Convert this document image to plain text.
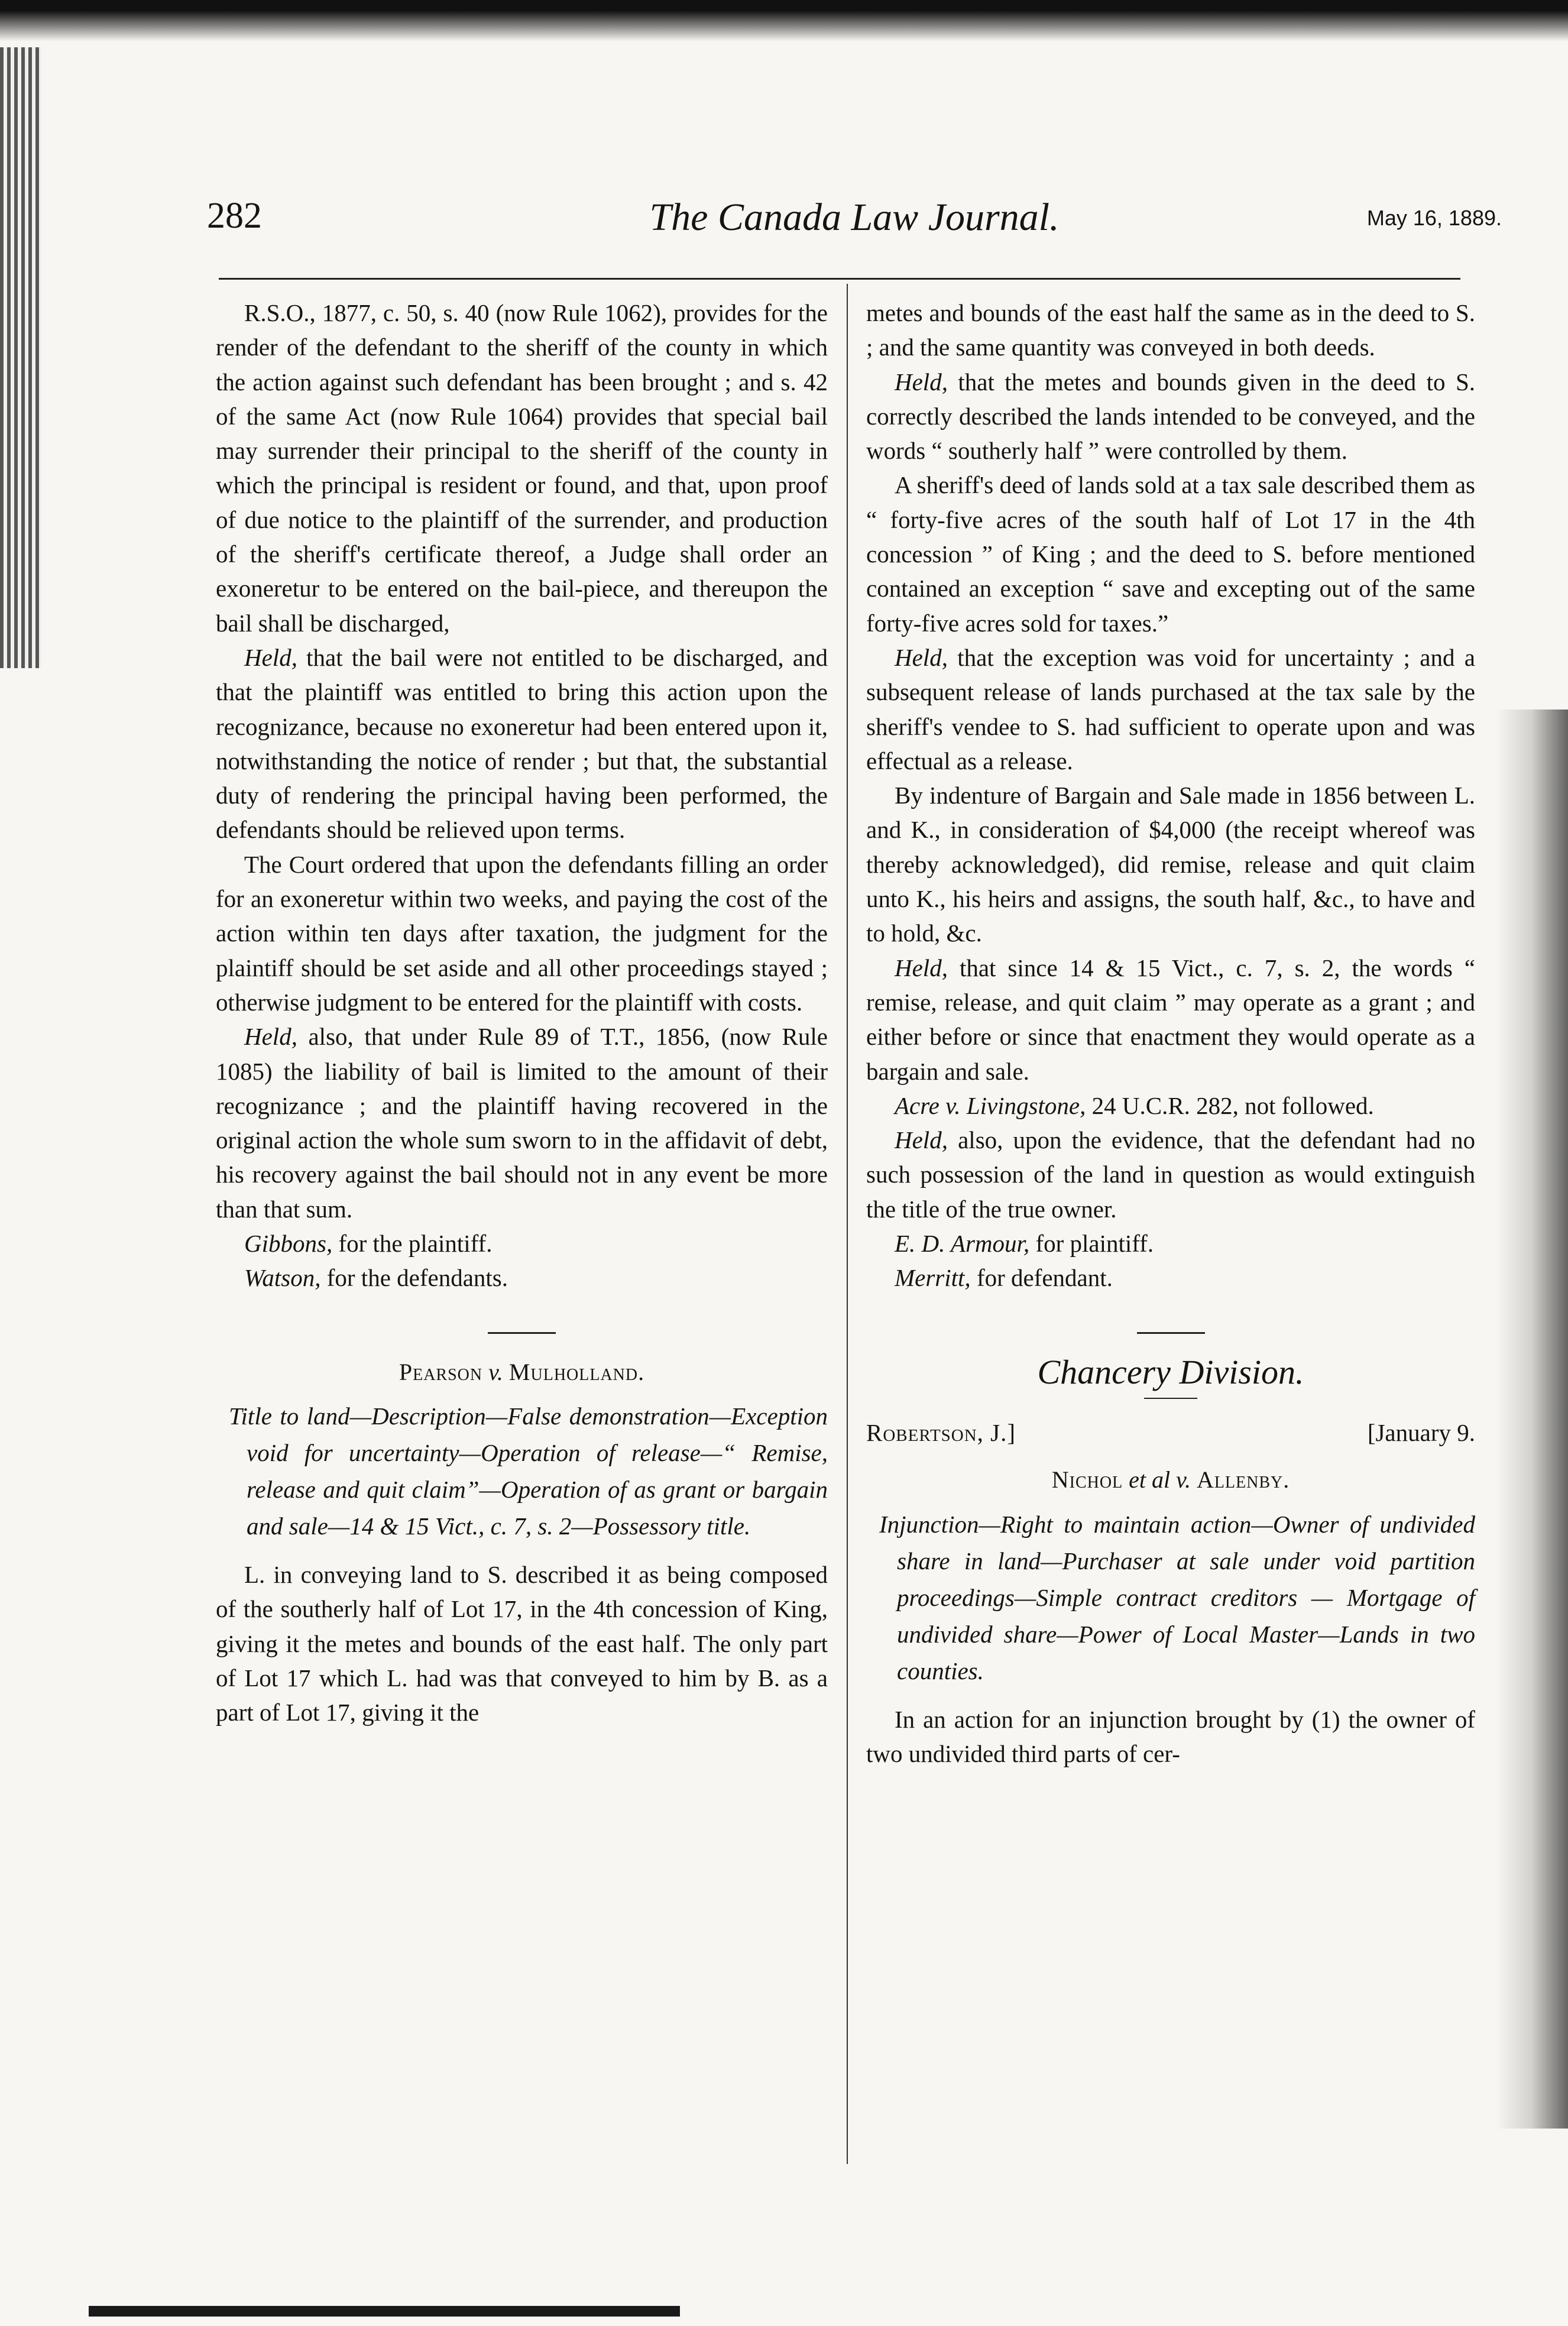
282	The Canada Law Journal.	May 16, 1889.

R.S.O., 1877, c. 50, s. 40 (now Rule 1062), provides for the render of the defendant to the sheriff of the county in which the action against such defendant has been brought ; and s. 42 of the same Act (now Rule 1064) provides that special bail may surrender their principal to the sheriff of the county in which the principal is resident or found, and that, upon proof of due notice to the plaintiff of the surrender, and production of the sheriff's certificate thereof, a Judge shall order an exoneretur to be entered on the bail-piece, and thereupon the bail shall be discharged,

Held, that the bail were not entitled to be discharged, and that the plaintiff was entitled to bring this action upon the recognizance, because no exoneretur had been entered upon it, notwithstanding the notice of render ; but that, the substantial duty of rendering the principal having been performed, the defendants should be relieved upon terms.

The Court ordered that upon the defendants filling an order for an exoneretur within two weeks, and paying the cost of the action within ten days after taxation, the judgment for the plaintiff should be set aside and all other proceedings stayed ; otherwise judgment to be entered for the plaintiff with costs.

Held, also, that under Rule 89 of T.T., 1856, (now Rule 1085) the liability of bail is limited to the amount of their recognizance ; and the plaintiff having recovered in the original action the whole sum sworn to in the affidavit of debt, his recovery against the bail should not in any event be more than that sum.

Gibbons, for the plaintiff.

Watson, for the defendants.

Pearson v. Mulholland.

Title to land—Description—False demonstration—Exception void for uncertainty—Operation of release—“ Remise, release and quit claim”—Operation of as grant or bargain and sale—14 & 15 Vict., c. 7, s. 2—Possessory title.

L. in conveying land to S. described it as being composed of the southerly half of Lot 17, in the 4th concession of King, giving it the metes and bounds of the east half. The only part of Lot 17 which L. had was that conveyed to him by B. as a part of Lot 17, giving it the

metes and bounds of the east half the same as in the deed to S. ; and the same quantity was conveyed in both deeds.

Held, that the metes and bounds given in the deed to S. correctly described the lands intended to be conveyed, and the words “ southerly half ” were controlled by them.

A sheriff's deed of lands sold at a tax sale described them as “ forty-five acres of the south half of Lot 17 in the 4th concession ” of King ; and the deed to S. before mentioned contained an exception “ save and excepting out of the same forty-five acres sold for taxes.”

Held, that the exception was void for uncertainty ; and a subsequent release of lands purchased at the tax sale by the sheriff's vendee to S. had sufficient to operate upon and was effectual as a release.

By indenture of Bargain and Sale made in 1856 between L. and K., in consideration of $4,000 (the receipt whereof was thereby acknowledged), did remise, release and quit claim unto K., his heirs and assigns, the south half, &c., to have and to hold, &c.

Held, that since 14 & 15 Vict., c. 7, s. 2, the words “ remise, release, and quit claim ” may operate as a grant ; and either before or since that enactment they would operate as a bargain and sale.

Acre v. Livingstone, 24 U.C.R. 282, not followed.

Held, also, upon the evidence, that the defendant had no such possession of the land in question as would extinguish the title of the true owner.

E. D. Armour, for plaintiff.

Merritt, for defendant.

Chancery Division.

Robertson, J.]	[January 9.

Nichol et al v. Allenby.

Injunction—Right to maintain action—Owner of undivided share in land—Purchaser at sale under void partition proceedings—Simple contract creditors — Mortgage of undivided share—Power of Local Master—Lands in two counties.

In an action for an injunction brought by (1) the owner of two undivided third parts of cer-
